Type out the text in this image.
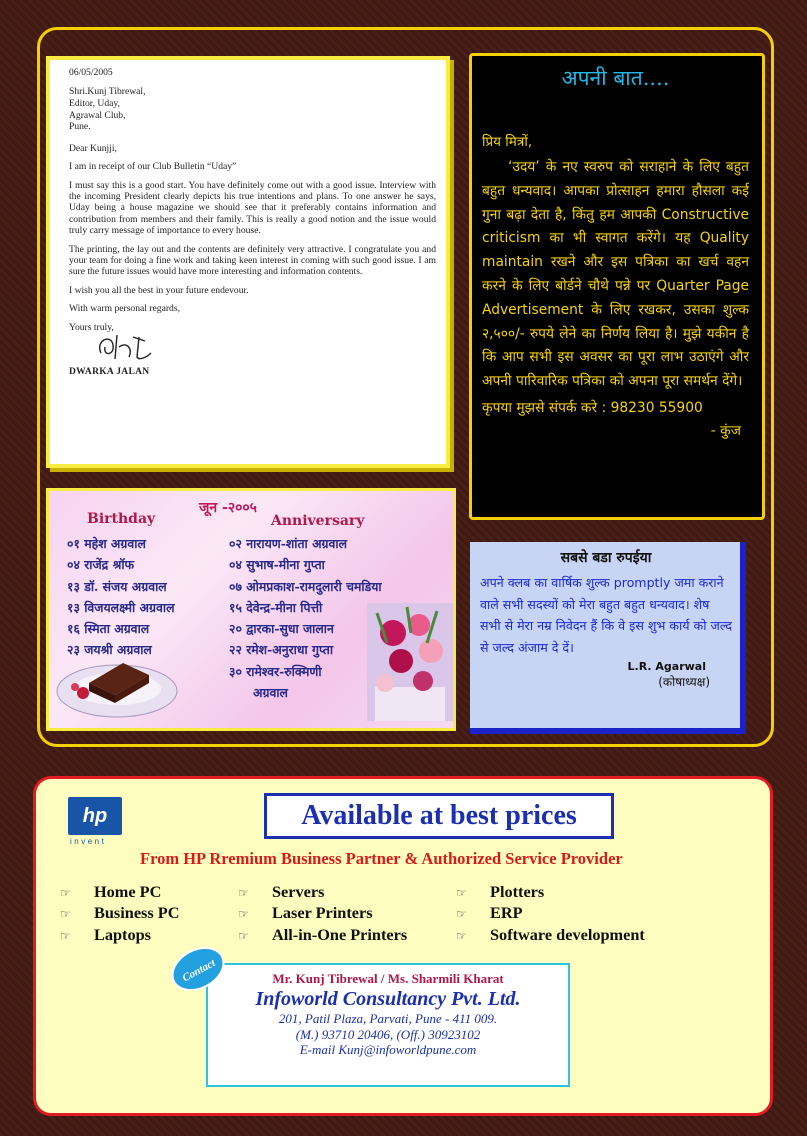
06/05/2005
Shri.Kunj Tibrewal,
Editor, Uday,
Agrawal Club,
Pune.

Dear Kunjji,

I am in receipt of our Club Bulletin “Uday”

I must say this is a good start. You have definitely come out with a good issue. Interview with the incoming President clearly depicts his true intentions and plans. To one answer he says, Uday being a house magazine we should see that it preferably contains information and contribution from members and their family. This is really a good notion and the issue would truly carry message of importance to every house.

The printing, the lay out and the contents are definitely very attractive. I congratulate you and your team for doing a fine work and taking keen interest in coming with such good issue. I am sure the future issues would have more interesting and information contents.

I wish you all the best in your future endevour.

With warm personal regards,

Yours truly,
DWARKA JALAN
अपनी बात....
प्रिय मित्रों,
‘उदय’ के नए स्वरुप को सराहाने के लिए बहुत बहुत धन्यवाद। आपका प्रोत्साहन हमारा हौसला कई गुना बढ़ा देता है, किंतु हम आपकी Constructive criticism का भी स्वागत करेंगे। यह Quality maintain रखने और इस पत्रिका का खर्च वहन करने के लिए बोर्डने चौथे पन्ने पर Quarter Page Advertisement के लिए रखकर, उसका शुल्क २,५००/- रुपये लेने का निर्णय लिया है। मुझे यकीन है कि आप सभी इस अवसर का पूरा लाभ उठाएंगे और अपनी पारिवारिक पत्रिका को अपना पूरा समर्थन देंगे।
कृपया मुझसे संपर्क करे : 98230 55900
- कुंज
जून -२००५
Birthday	Anniversary
०१ महेश अग्रवाल
०४ राजेंद्र श्रॉफ
१३ डॉ. संजय अग्रवाल
१३ विजयलक्ष्मी अग्रवाल
१६ स्मिता अग्रवाल
२३ जयश्री अग्रवाल
०२ नारायण-शांता अग्रवाल
०४ सुभाष-मीना गुप्ता
०७ ओमप्रकाश-रामदुलारी चमडिया
१५ देवेन्द्र-मीना पित्ती
२० द्वारका-सुधा जालान
२२ रमेश-अनुराधा गुप्ता
३० रामेश्वर-रुक्मिणी
अग्रवाल
सबसे बडा रुपईया
अपने क्लब का वार्षिक शुल्क promptly जमा कराने वाले सभी सदस्यों को मेरा बहुत बहुत धन्यवाद। शेष सभी से मेरा नम्र निवेदन हैं कि वे इस शुभ कार्य को जल्द से जल्द अंजाम दे दें।
L.R. Agarwal
(कोषाध्यक्ष)
hp
invent
Available at best prices
From HP Rremium Business Partner & Authorized Service Provider
☞ Home PC
☞ Business PC
☞ Laptops
☞ Servers
☞ Laser Printers
☞ All-in-One Printers
☞ Plotters
☞ ERP
☞ Software development
Mr. Kunj Tibrewal / Ms. Sharmili Kharat
Infoworld Consultancy Pvt. Ltd.
201, Patil Plaza, Parvati, Pune - 411 009.
(M.) 93710 20406, (Off.) 30923102
E-mail Kunj@infoworldpune.com
Contact
